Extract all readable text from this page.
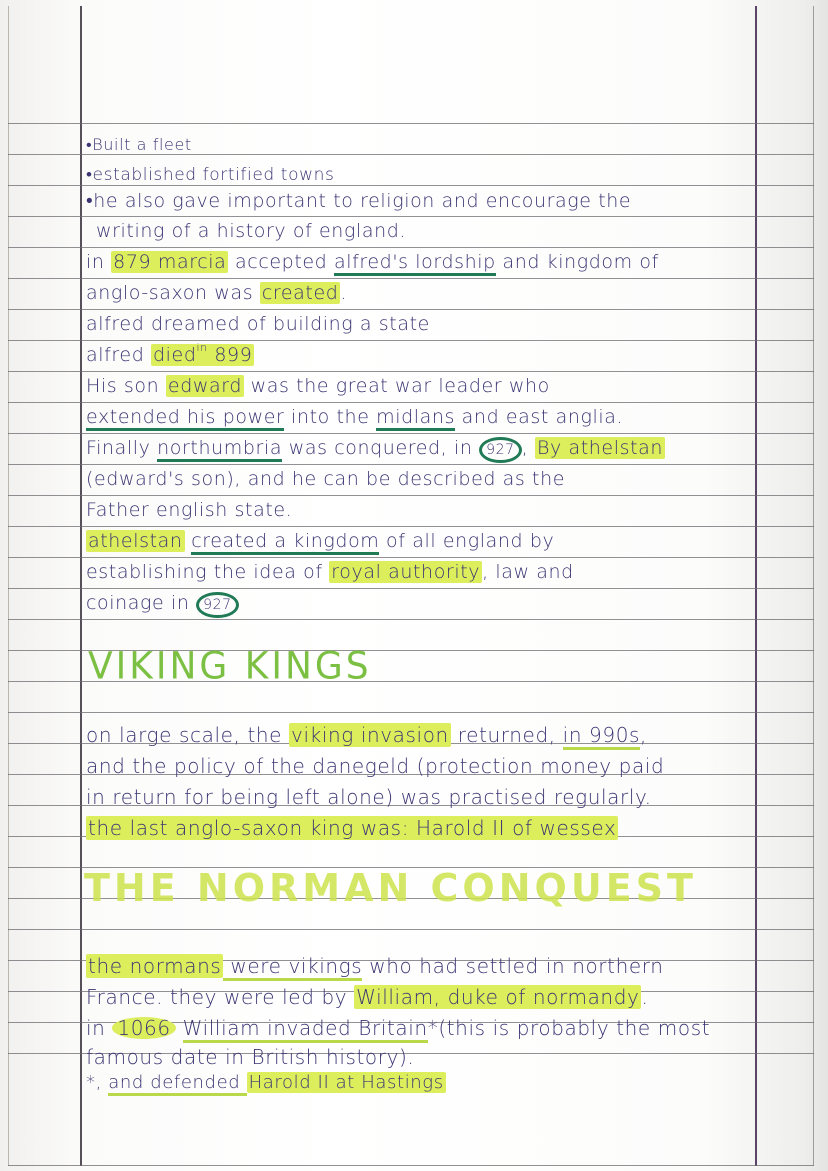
•Built a fleet
•established fortified towns
•he also gave important to religion and encourage the
writing of a history of england.
in 879 marcia accepted alfred's lordship and kingdom of
anglo-saxon was created .
alfred dreamed of building a state
alfred died$^{in}$ 899
His son edward was the great war leader who
extended his power into the midlans and east anglia.
Finally northumbria was conquered, in 927 , By athelstan
(edward's son), and he can be described as the
Father english state.
athelstan created a kingdom of all england by
establishing the idea of royal authority , law and
coinage in 927
VIKING KINGS
on large scale, the viking invasion returned, in 990s,
and the policy of the danegeld (protection money paid
in return for being left alone) was practised regularly.
the last anglo-saxon king was: Harold II of wessex
THE NORMAN CONQUEST
the normans were vikings who had settled in northern
France. they were led by William, duke of normandy .
in 1066 William invaded Britain*(this is probably the most
famous date in British history).
*, and defended Harold II at Hastings
